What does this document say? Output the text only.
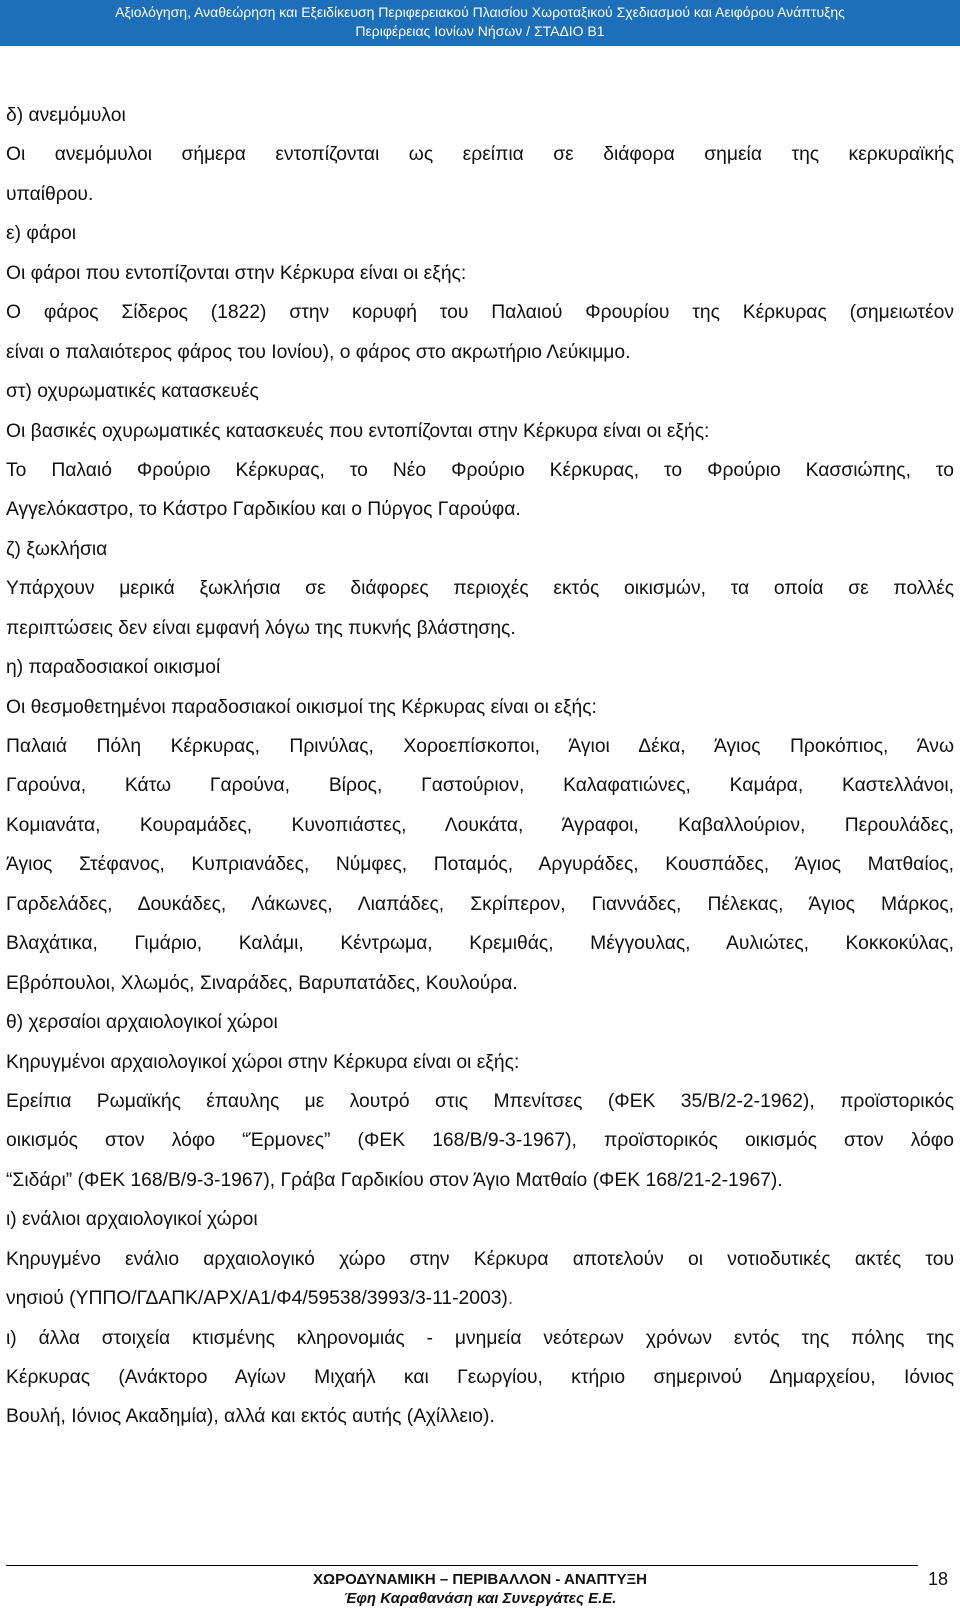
Αξιολόγηση, Αναθεώρηση και Εξειδίκευση Περιφερειακού Πλαισίου Χωροταξικού Σχεδιασμού και Αειφόρου Ανάπτυξης
Περιφέρειας Ιονίων Νήσων / ΣΤΑΔΙΟ Β1
δ) ανεμόμυλοι
Οι ανεμόμυλοι σήμερα εντοπίζονται ως ερείπια σε διάφορα σημεία της κερκυραϊκής
υπαίθρου.
ε) φάροι
Οι φάροι που εντοπίζονται στην Κέρκυρα είναι οι εξής:
Ο φάρος Σίδερος (1822) στην κορυφή του Παλαιού Φρουρίου της Κέρκυρας (σημειωτέον
είναι ο παλαιότερος φάρος του Ιονίου), ο φάρος στο ακρωτήριο Λεύκιμμο.
στ) οχυρωματικές κατασκευές
Οι βασικές οχυρωματικές κατασκευές που εντοπίζονται στην Κέρκυρα είναι οι εξής:
Το Παλαιό Φρούριο Κέρκυρας, το Νέο Φρούριο Κέρκυρας, το Φρούριο Κασσιώπης, το
Αγγελόκαστρο, το Κάστρο Γαρδικίου και ο Πύργος Γαρούφα.
ζ) ξωκλήσια
Υπάρχουν μερικά ξωκλήσια σε διάφορες περιοχές εκτός οικισμών, τα οποία σε πολλές
περιπτώσεις δεν είναι εμφανή λόγω της πυκνής βλάστησης.
η) παραδοσιακοί οικισμοί
Οι θεσμοθετημένοι παραδοσιακοί οικισμοί της Κέρκυρας είναι οι εξής:
Παλαιά Πόλη Κέρκυρας, Πρινύλας, Χοροεπίσκοποι, Άγιοι Δέκα, Άγιος Προκόπιος, Άνω
Γαρούνα, Κάτω Γαρούνα, Βίρος, Γαστούριον, Καλαφατιώνες, Καμάρα, Καστελλάνοι,
Κομιανάτα, Κουραμάδες, Κυνοπιάστες, Λουκάτα, Άγραφοι, Καβαλλούριον, Περουλάδες,
Άγιος Στέφανος, Κυπριανάδες, Νύμφες, Ποταμός, Αργυράδες, Κουσπάδες, Άγιος Ματθαίος,
Γαρδελάδες, Δουκάδες, Λάκωνες, Λιαπάδες, Σκρίπερον, Γιαννάδες, Πέλεκας, Άγιος Μάρκος,
Βλαχάτικα, Γιμάριο, Καλάμι, Κέντρωμα, Κρεμιθάς, Μέγγουλας, Αυλιώτες, Κοκκοκύλας,
Εβρόπουλοι, Χλωμός, Σιναράδες, Βαρυπατάδες, Κουλούρα.
θ) χερσαίοι αρχαιολογικοί χώροι
Κηρυγμένοι αρχαιολογικοί χώροι στην Κέρκυρα είναι οι εξής:
Ερείπια Ρωμαϊκής έπαυλης με λουτρό στις Μπενίτσες (ΦΕΚ 35/Β/2-2-1962), προϊστορικός
οικισμός στον λόφο “Έρμονες” (ΦΕΚ 168/Β/9-3-1967), προϊστορικός οικισμός στον λόφο
“Σιδάρι” (ΦΕΚ 168/Β/9-3-1967), Γράβα Γαρδικίου στον Άγιο Ματθαίο (ΦΕΚ 168/21-2-1967).
ι) ενάλιοι αρχαιολογικοί χώροι
Κηρυγμένο ενάλιο αρχαιολογικό χώρο στην Κέρκυρα αποτελούν οι νοτιοδυτικές ακτές του
νησιού (ΥΠΠΟ/ΓΔΑΠΚ/ΑΡΧ/Α1/Φ4/59538/3993/3-11-2003).
ι) άλλα στοιχεία κτισμένης κληρονομιάς - μνημεία νεότερων χρόνων εντός της πόλης της
Κέρκυρας (Ανάκτορο Αγίων Μιχαήλ και Γεωργίου, κτήριο σημερινού Δημαρχείου, Ιόνιος
Βουλή, Ιόνιος Ακαδημία), αλλά και εκτός αυτής (Αχίλλειο).
ΧΩΡΟΔΥΝΑΜΙΚΗ – ΠΕΡΙΒΑΛΛΟΝ - ΑΝΑΠΤΥΞΗ
Έφη Καραθανάση και Συνεργάτες Ε.Ε.
18
